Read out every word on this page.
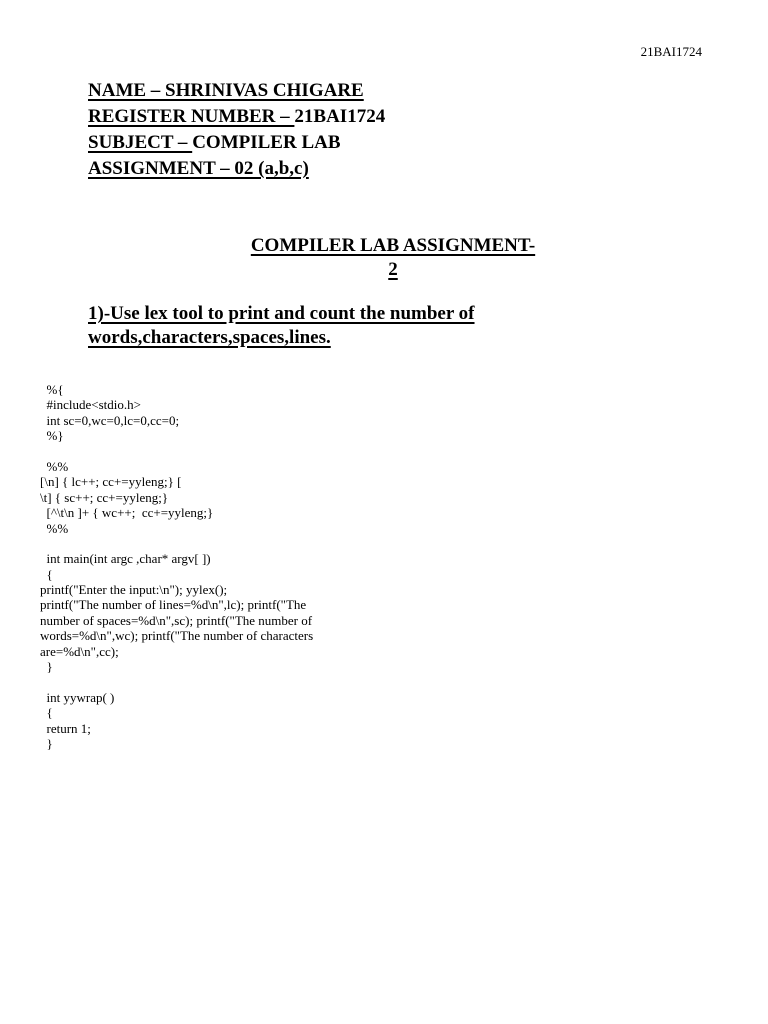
21BAI1724
NAME – SHRINIVAS CHIGARE
REGISTER NUMBER – 21BAI1724
SUBJECT – COMPILER LAB
ASSIGNMENT – 02 (a,b,c)
COMPILER LAB ASSIGNMENT-
2
1)-Use lex tool to print and count the number of
words,characters,spaces,lines.
%{
#include<stdio.h>
int sc=0,wc=0,lc=0,cc=0;
%}
%%
[\n] { lc++; cc+=yyleng;} [
\t] { sc++; cc+=yyleng;}
[^\t\n ]+ { wc++;  cc+=yyleng;}
%%
int main(int argc ,char* argv[ ])
{
printf("Enter the input:\n"); yylex();
printf("The number of lines=%d\n",lc); printf("The
number of spaces=%d\n",sc); printf("The number of
words=%d\n",wc); printf("The number of characters
are=%d\n",cc);
}
int yywrap( )
{
return 1;
}
